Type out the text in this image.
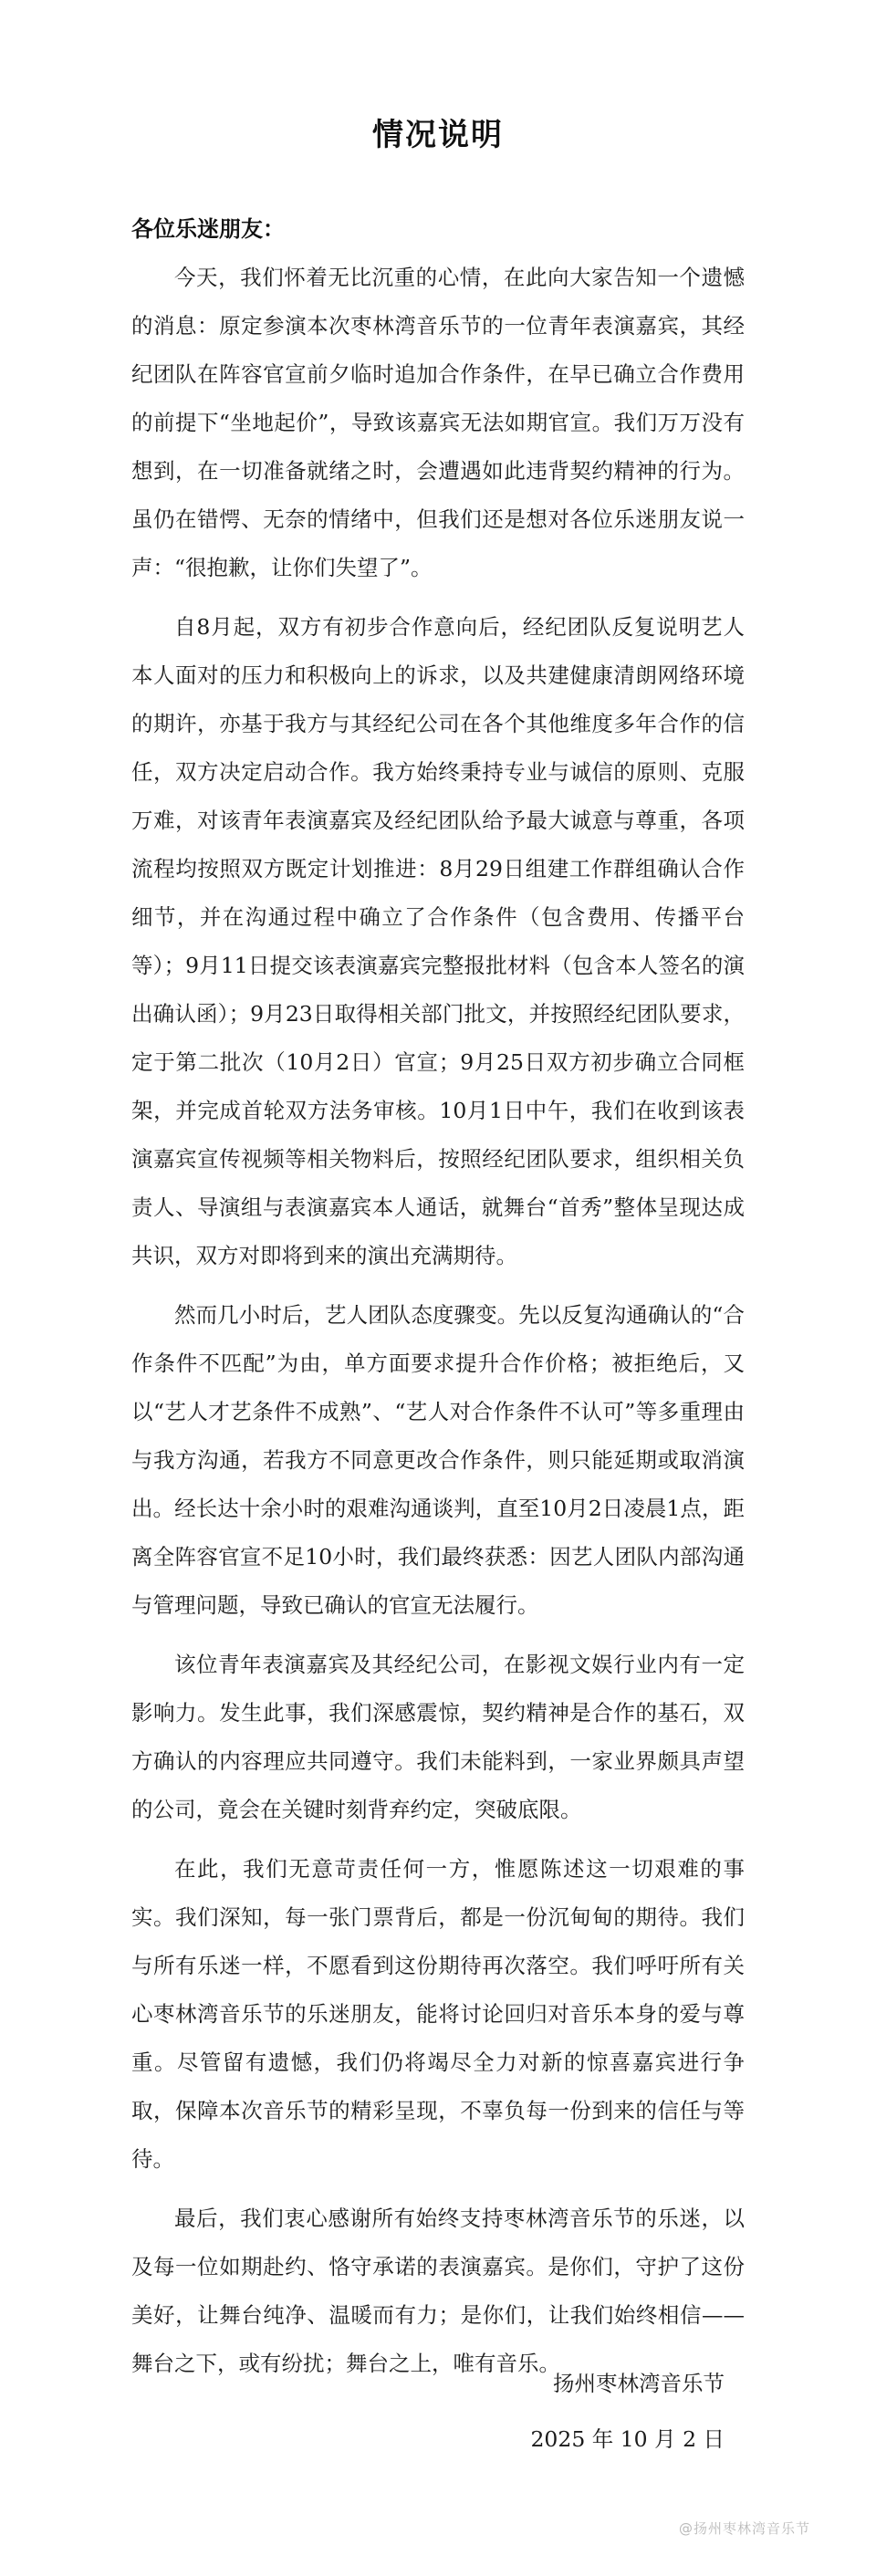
情况说明
各位乐迷朋友：

今天，我们怀着无比沉重的心情，在此向大家告知一个遗憾的消息：原定参演本次枣林湾音乐节的一位青年表演嘉宾，其经纪团队在阵容官宣前夕临时追加合作条件，在早已确立合作费用的前提下“坐地起价”，导致该嘉宾无法如期官宣。我们万万没有想到，在一切准备就绪之时，会遭遇如此违背契约精神的行为。虽仍在错愕、无奈的情绪中，但我们还是想对各位乐迷朋友说一声：“很抱歉，让你们失望了”。

自8月起，双方有初步合作意向后，经纪团队反复说明艺人本人面对的压力和积极向上的诉求，以及共建健康清朗网络环境的期许，亦基于我方与其经纪公司在各个其他维度多年合作的信任，双方决定启动合作。我方始终秉持专业与诚信的原则、克服万难，对该青年表演嘉宾及经纪团队给予最大诚意与尊重，各项流程均按照双方既定计划推进：8月29日组建工作群组确认合作细节，并在沟通过程中确立了合作条件（包含费用、传播平台等）；9月11日提交该表演嘉宾完整报批材料（包含本人签名的演出确认函）；9月23日取得相关部门批文，并按照经纪团队要求，定于第二批次（10月2日）官宣；9月25日双方初步确立合同框架，并完成首轮双方法务审核。10月1日中午，我们在收到该表演嘉宾宣传视频等相关物料后，按照经纪团队要求，组织相关负责人、导演组与表演嘉宾本人通话，就舞台“首秀”整体呈现达成共识，双方对即将到来的演出充满期待。

然而几小时后，艺人团队态度骤变。先以反复沟通确认的“合作条件不匹配”为由，单方面要求提升合作价格；被拒绝后，又以“艺人才艺条件不成熟”、“艺人对合作条件不认可”等多重理由与我方沟通，若我方不同意更改合作条件，则只能延期或取消演出。经长达十余小时的艰难沟通谈判，直至10月2日凌晨1点，距离全阵容官宣不足10小时，我们最终获悉：因艺人团队内部沟通与管理问题，导致已确认的官宣无法履行。

该位青年表演嘉宾及其经纪公司，在影视文娱行业内有一定影响力。发生此事，我们深感震惊，契约精神是合作的基石，双方确认的内容理应共同遵守。我们未能料到，一家业界颇具声望的公司，竟会在关键时刻背弃约定，突破底限。

在此，我们无意苛责任何一方，惟愿陈述这一切艰难的事实。我们深知，每一张门票背后，都是一份沉甸甸的期待。我们与所有乐迷一样，不愿看到这份期待再次落空。我们呼吁所有关心枣林湾音乐节的乐迷朋友，能将讨论回归对音乐本身的爱与尊重。尽管留有遗憾，我们仍将竭尽全力对新的惊喜嘉宾进行争取，保障本次音乐节的精彩呈现，不辜负每一份到来的信任与等待。

最后，我们衷心感谢所有始终支持枣林湾音乐节的乐迷，以及每一位如期赴约、恪守承诺的表演嘉宾。是你们，守护了这份美好，让舞台纯净、温暖而有力；是你们，让我们始终相信——舞台之下，或有纷扰；舞台之上，唯有音乐。

扬州枣林湾音乐节
2025 年 10 月 2 日
@扬州枣林湾音乐节
